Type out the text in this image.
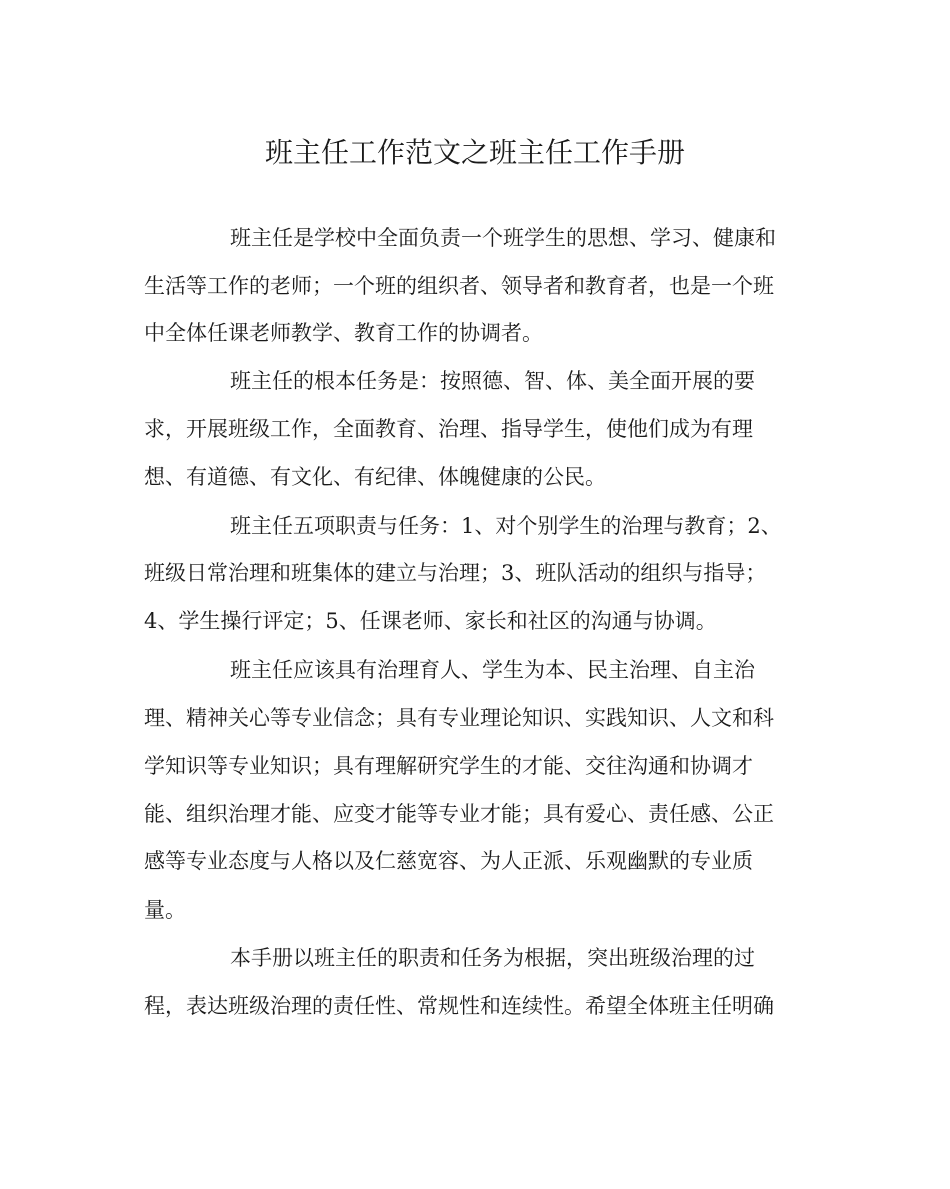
班主任工作范文之班主任工作手册
班主任是学校中全面负责一个班学生的思想、学习、健康和
生活等工作的老师；一个班的组织者、领导者和教育者，也是一个班
中全体任课老师教学、教育工作的协调者。
班主任的根本任务是：按照德、智、体、美全面开展的要
求，开展班级工作，全面教育、治理、指导学生，使他们成为有理
想、有道德、有文化、有纪律、体魄健康的公民。
班主任五项职责与任务：1、对个别学生的治理与教育；2、
班级日常治理和班集体的建立与治理；3、班队活动的组织与指导；
4、学生操行评定；5、任课老师、家长和社区的沟通与协调。
班主任应该具有治理育人、学生为本、民主治理、自主治
理、精神关心等专业信念；具有专业理论知识、实践知识、人文和科
学知识等专业知识；具有理解研究学生的才能、交往沟通和协调才
能、组织治理才能、应变才能等专业才能；具有爱心、责任感、公正
感等专业态度与人格以及仁慈宽容、为人正派、乐观幽默的专业质
量。
本手册以班主任的职责和任务为根据，突出班级治理的过
程，表达班级治理的责任性、常规性和连续性。希望全体班主任明确
